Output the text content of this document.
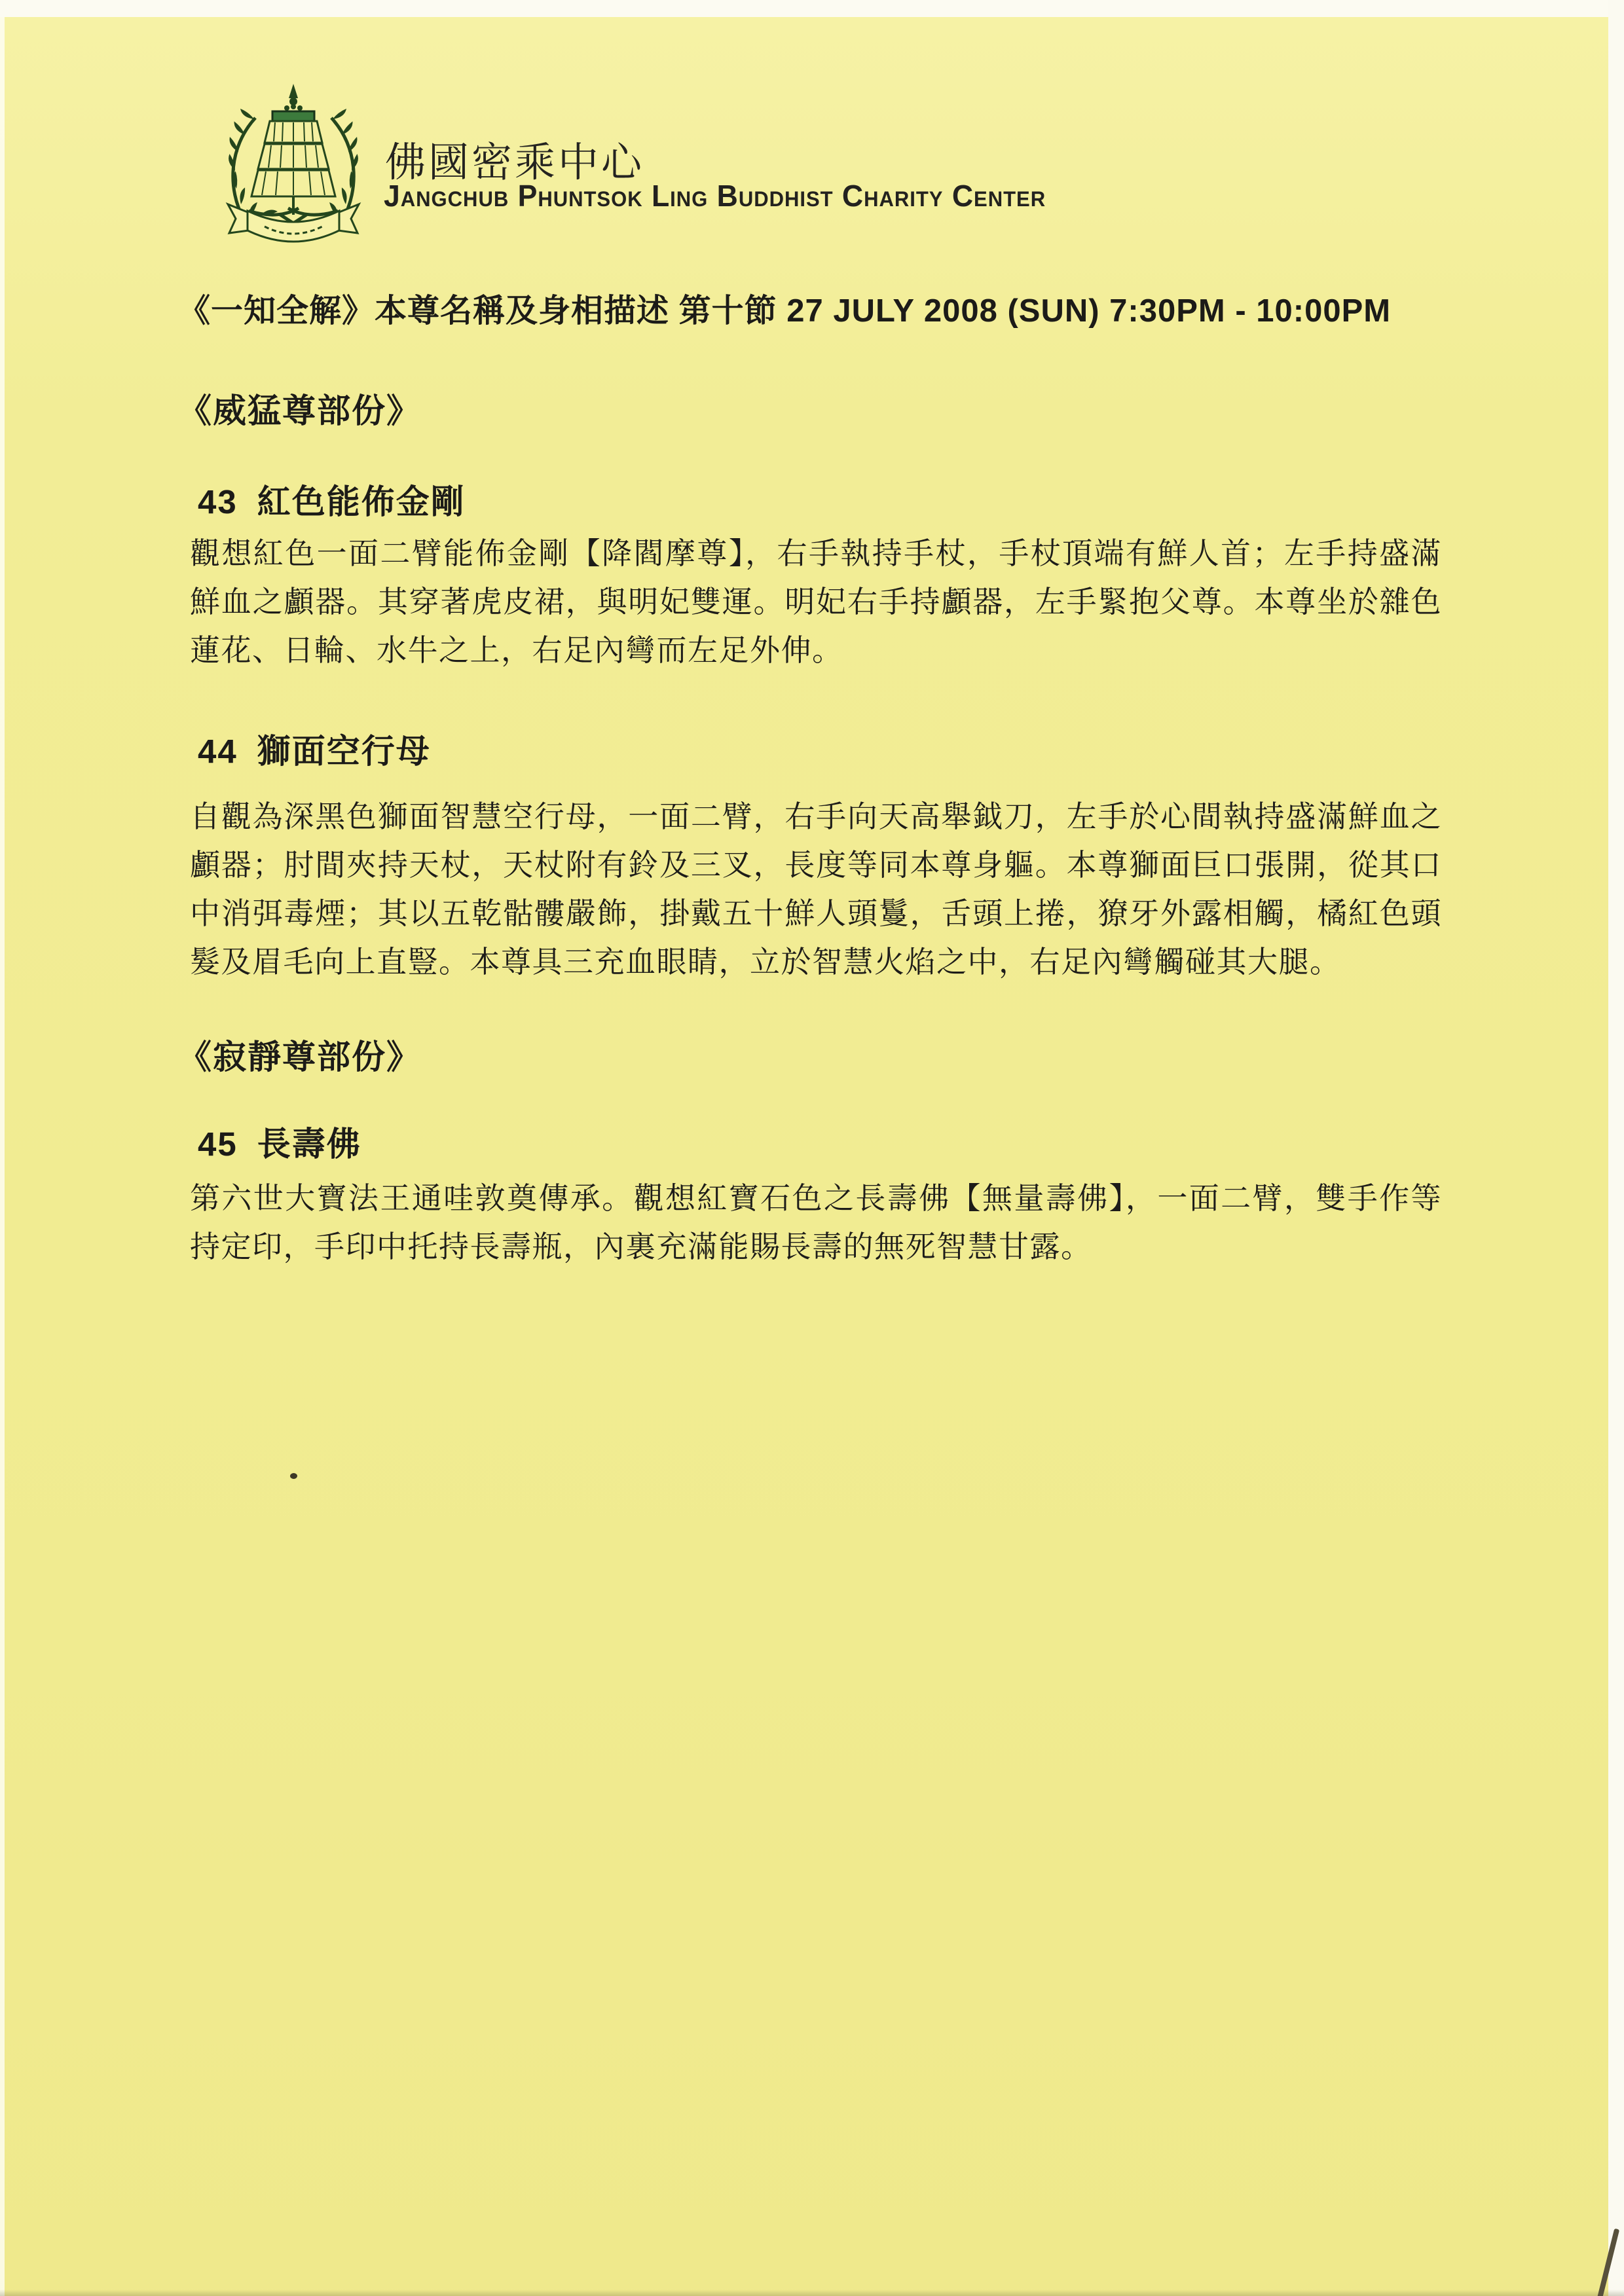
佛國密乘中心
Jangchub Phuntsok Ling Buddhist Charity Center
《一知全解》本尊名稱及身相描述 第十節 27 JULY 2008 (SUN) 7:30PM - 10:00PM
《威猛尊部份》
43 紅色能佈金剛
觀想紅色一面二臂能佈金剛【降閻摩尊】，右手執持手杖，手杖頂端有鮮人首；左手持盛滿鮮血之顱器。其穿著虎皮裙，與明妃雙運。明妃右手持顱器，左手緊抱父尊。本尊坐於雜色蓮花、日輪、水牛之上，右足內彎而左足外伸。
44 獅面空行母
自觀為深黑色獅面智慧空行母，一面二臂，右手向天高舉鉞刀，左手於心間執持盛滿鮮血之顱器；肘間夾持天杖，天杖附有鈴及三叉，長度等同本尊身軀。本尊獅面巨口張開，從其口中消弭毒煙；其以五乾骷髏嚴飾，掛戴五十鮮人頭鬘，舌頭上捲，獠牙外露相觸，橘紅色頭髮及眉毛向上直豎。本尊具三充血眼睛，立於智慧火焰之中，右足內彎觸碰其大腿。
《寂靜尊部份》
45 長壽佛
第六世大寶法王通哇敦奠傳承。觀想紅寶石色之長壽佛【無量壽佛】，一面二臂，雙手作等持定印，手印中托持長壽瓶，內裏充滿能賜長壽的無死智慧甘露。
